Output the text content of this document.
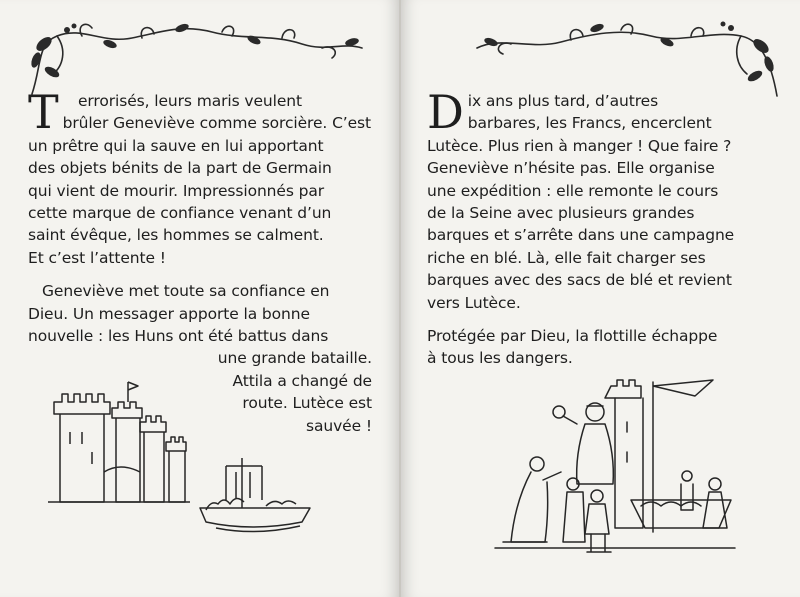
T errorisés, leurs maris veulent
brûler Geneviève comme sorcière. C’est
un prêtre qui la sauve en lui apportant
des objets bénits de la part de Germain
qui vient de mourir. Impressionnés par
cette marque de confiance venant d’un
saint évêque, les hommes se calment.
Et c’est l’attente !

Geneviève met toute sa confiance en
Dieu. Un messager apporte la bonne
nouvelle : les Huns ont été battus dans
une grande bataille.
Attila a changé de
route. Lutèce est
sauvée !

D ix ans plus tard, d’autres
barbares, les Francs, encerclent
Lutèce. Plus rien à manger ! Que faire ?
Geneviève n’hésite pas. Elle organise
une expédition : elle remonte le cours
de la Seine avec plusieurs grandes
barques et s’arrête dans une campagne
riche en blé. Là, elle fait charger ses
barques avec des sacs de blé et revient
vers Lutèce.

Protégée par Dieu, la flottille échappe
à tous les dangers.
